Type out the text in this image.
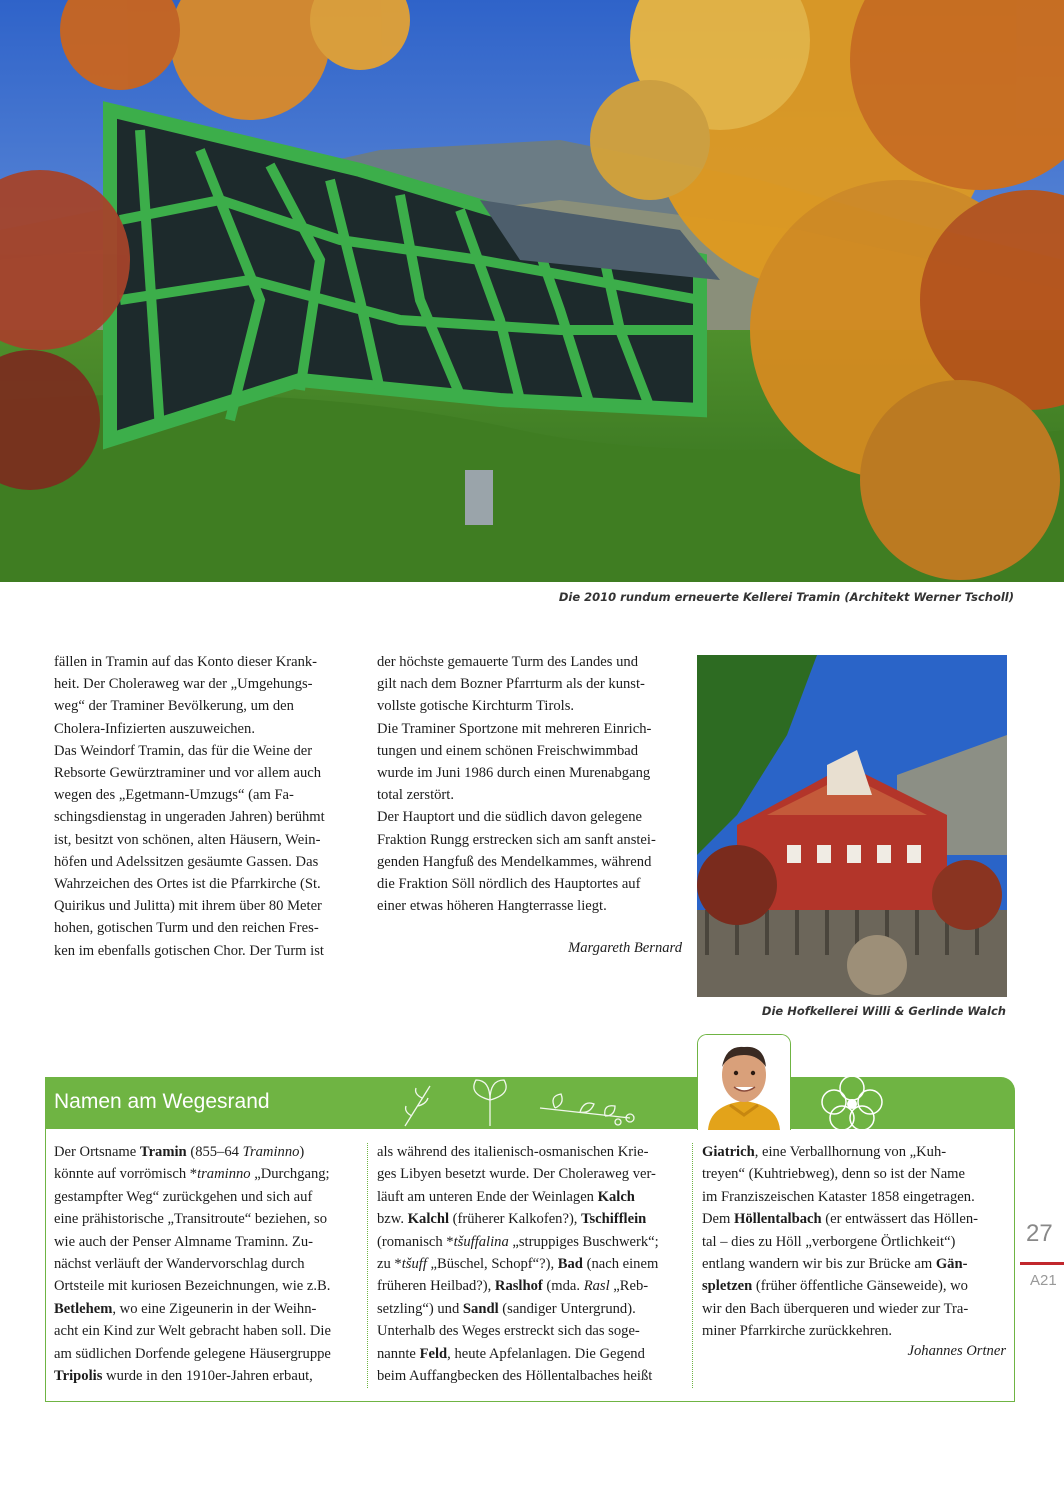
Die 2010 rundum erneuerte Kellerei Tramin (Architekt Werner Tscholl)

fällen in Tramin auf das Konto dieser Krank-

heit. Der Choleraweg war der „Umgehungs-

weg“ der Traminer Bevölkerung, um den

Cholera-Infizierten auszuweichen.

Das Weindorf Tramin, das für die Weine der

Rebsorte Gewürztraminer und vor allem auch

wegen des „Egetmann-Umzugs“ (am Fa-

schingsdienstag in ungeraden Jahren) berühmt

ist, besitzt von schönen, alten Häusern, Wein-

höfen und Adelssitzen gesäumte Gassen. Das

Wahrzeichen des Ortes ist die Pfarrkirche (St.

Quirikus und Julitta) mit ihrem über 80 Meter

hohen, gotischen Turm und den reichen Fres-

ken im ebenfalls gotischen Chor. Der Turm ist

der höchste gemauerte Turm des Landes und

gilt nach dem Bozner Pfarrturm als der kunst-

vollste gotische Kirchturm Tirols.

Die Traminer Sportzone mit mehreren Einrich-

tungen und einem schönen Freischwimmbad

wurde im Juni 1986 durch einen Murenabgang

total zerstört.

Der Hauptort und die südlich davon gelegene

Fraktion Rungg erstrecken sich am sanft anstei-

genden Hangfuß des Mendelkammes, während

die Fraktion Söll nördlich des Hauptortes auf

einer etwas höheren Hangterrasse liegt.

Margareth Bernard
Die Hofkellerei Willi & Gerlinde Walch
Namen am Wegesrand

Der Ortsname Tramin (855–64 Traminno)

könnte auf vorrömisch *traminno „Durchgang;

gestampfter Weg“ zurückgehen und sich auf

eine prähistorische „Transitroute“ beziehen, so

wie auch der Penser Almname Traminn. Zu-

nächst verläuft der Wandervorschlag durch

Ortsteile mit kuriosen Bezeichnungen, wie z.B.

Betlehem, wo eine Zigeunerin in der Weihn-

acht ein Kind zur Welt gebracht haben soll. Die

am südlichen Dorfende gelegene Häusergruppe

Tripolis wurde in den 1910er-Jahren erbaut,

als während des italienisch-osmanischen Krie-

ges Libyen besetzt wurde. Der Choleraweg ver-

läuft am unteren Ende der Weinlagen Kalch

bzw. Kalchl (früherer Kalkofen?), Tschifflein

(romanisch *tšuffalina „struppiges Buschwerk“;

zu *tšuff „Büschel, Schopf“?), Bad (nach einem

früheren Heilbad?), Raslhof (mda. Rasl „Reb-

setzling“) und Sandl (sandiger Untergrund).

Unterhalb des Weges erstreckt sich das soge-

nannte Feld, heute Apfelanlagen. Die Gegend

beim Auffangbecken des Höllentalbaches heißt

Giatrich, eine Verballhornung von „Kuh-

treyen“ (Kuhtriebweg), denn so ist der Name

im Franziszeischen Kataster 1858 eingetragen.

Dem Höllentalbach (er entwässert das Höllen-

tal – dies zu Höll „verborgene Örtlichkeit“)

entlang wandern wir bis zur Brücke am Gän-

spletzen (früher öffentliche Gänseweide), wo

wir den Bach überqueren und wieder zur Tra-

miner Pfarrkirche zurückkehren.

Johannes Ortner
27
A21
